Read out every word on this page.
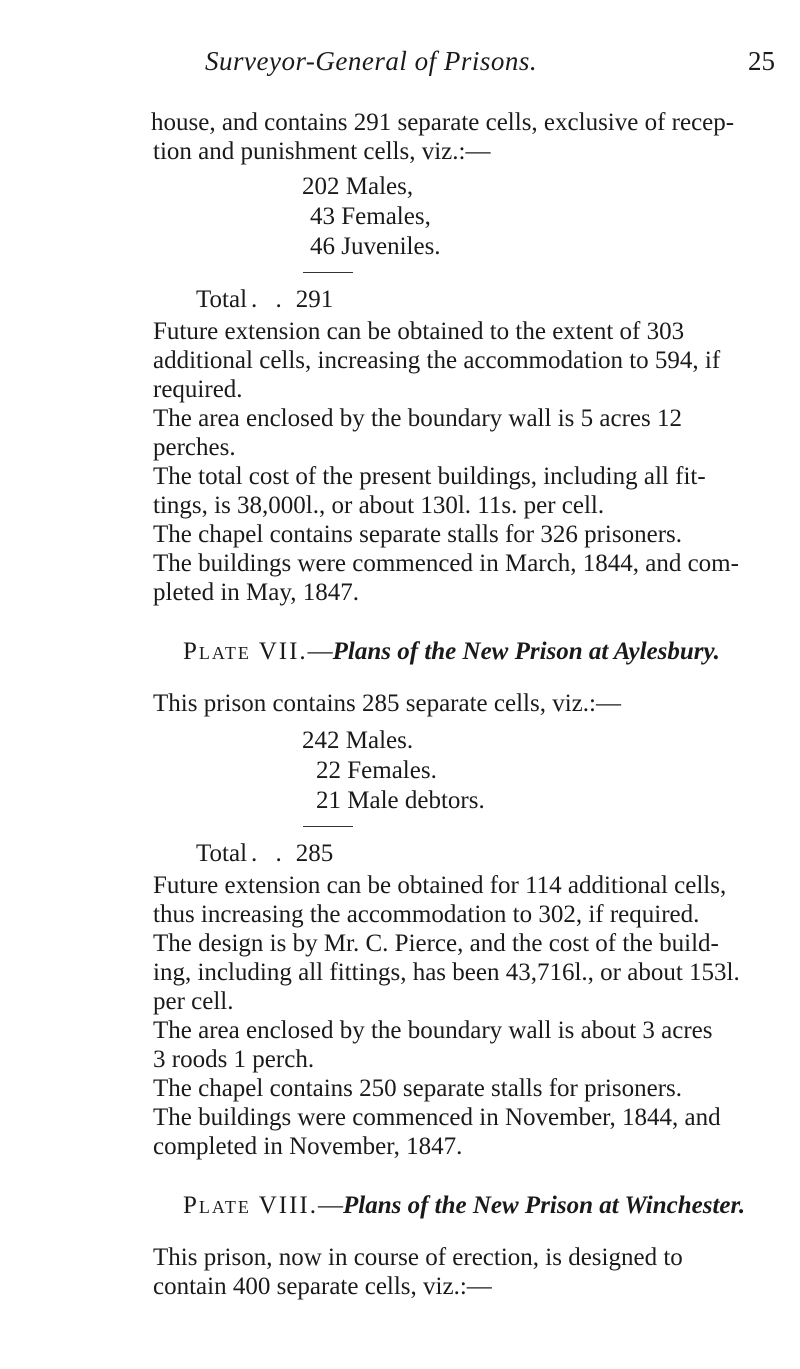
Surveyor-General of Prisons.	25

house, and contains 291 separate cells, exclusive of recep-

tion and punishment cells, viz.:—

202 Males,

43 Females,

46 Juveniles.

Total . . 291

Future extension can be obtained to the extent of 303

additional cells, increasing the accommodation to 594, if

required.

The area enclosed by the boundary wall is 5 acres 12

perches.

The total cost of the present buildings, including all fit-

tings, is 38,000l., or about 130l. 11s. per cell.

The chapel contains separate stalls for 326 prisoners.

The buildings were commenced in March, 1844, and com-

pleted in May, 1847.

Plate VII.—Plans of the New Prison at Aylesbury.

This prison contains 285 separate cells, viz.:—

242 Males.

22 Females.

21 Male debtors.

Total . . 285

Future extension can be obtained for 114 additional cells,

thus increasing the accommodation to 302, if required.

The design is by Mr. C. Pierce, and the cost of the build-

ing, including all fittings, has been 43,716l., or about 153l.

per cell.

The area enclosed by the boundary wall is about 3 acres

3 roods 1 perch.

The chapel contains 250 separate stalls for prisoners.

The buildings were commenced in November, 1844, and

completed in November, 1847.

Plate VIII.—Plans of the New Prison at Winchester.

This prison, now in course of erection, is designed to

contain 400 separate cells, viz.:—
